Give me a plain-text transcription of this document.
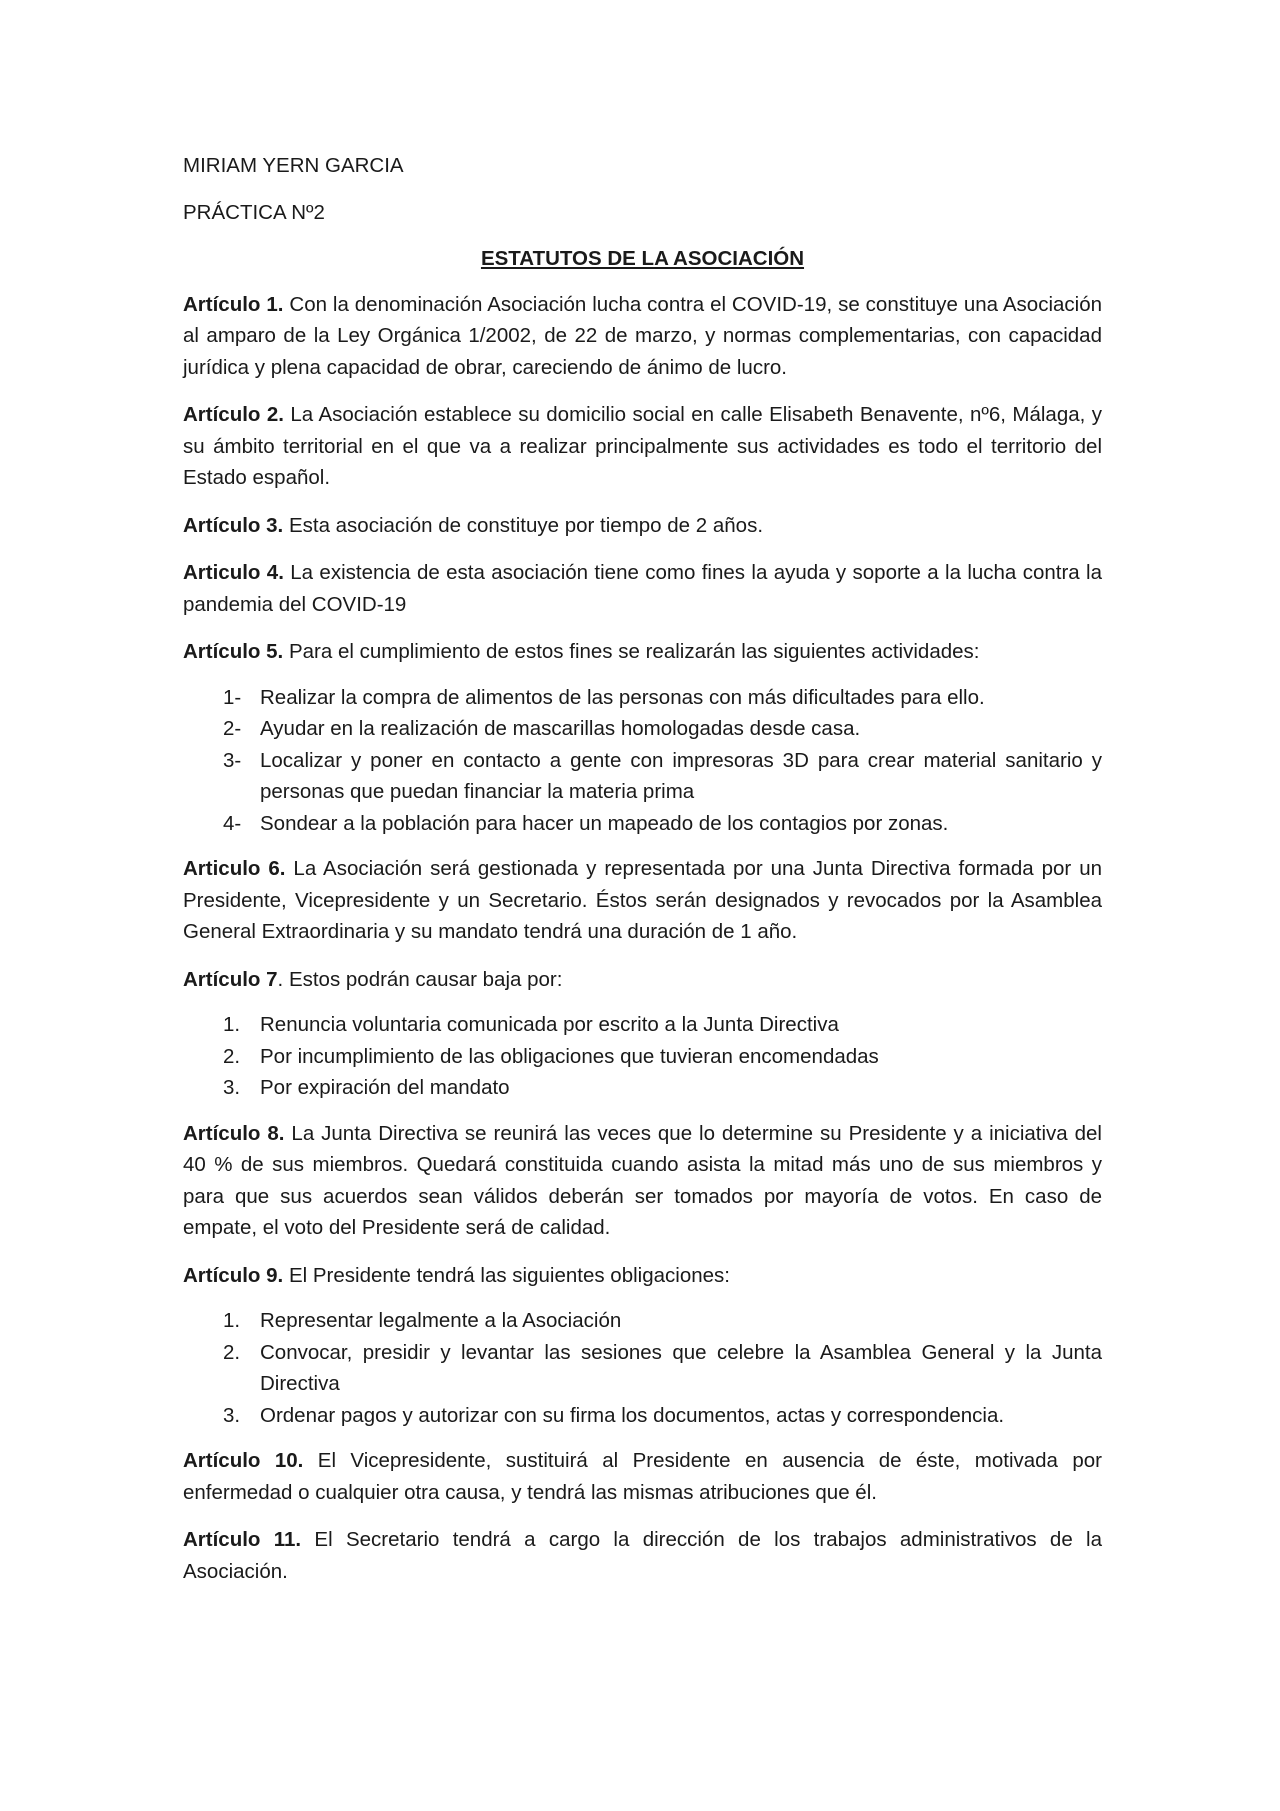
MIRIAM YERN GARCIA

PRÁCTICA Nº2

ESTATUTOS DE LA ASOCIACIÓN

Artículo 1. Con la denominación Asociación lucha contra el COVID-19, se constituye una Asociación al amparo de la Ley Orgánica 1/2002, de 22 de marzo, y normas complementarias, con capacidad jurídica y plena capacidad de obrar, careciendo de ánimo de lucro.

Artículo 2. La Asociación establece su domicilio social en calle Elisabeth Benavente, nº6, Málaga, y su ámbito territorial en el que va a realizar principalmente sus actividades es todo el territorio del Estado español.

Artículo 3. Esta asociación de constituye por tiempo de 2 años.

Articulo 4. La existencia de esta asociación tiene como fines la ayuda y soporte a la lucha contra la pandemia del COVID-19

Artículo 5. Para el cumplimiento de estos fines se realizarán las siguientes actividades:

1- Realizar la compra de alimentos de las personas con más dificultades para ello.
2- Ayudar en la realización de mascarillas homologadas desde casa.
3- Localizar y poner en contacto a gente con impresoras 3D para crear material sanitario y personas que puedan financiar la materia prima
4- Sondear a la población para hacer un mapeado de los contagios por zonas.

Articulo 6. La Asociación será gestionada y representada por una Junta Directiva formada por un Presidente, Vicepresidente y un Secretario. Éstos serán designados y revocados por la Asamblea General Extraordinaria y su mandato tendrá una duración de 1 año.

Artículo 7. Estos podrán causar baja por:

1. Renuncia voluntaria comunicada por escrito a la Junta Directiva
2. Por incumplimiento de las obligaciones que tuvieran encomendadas
3. Por expiración del mandato

Artículo 8. La Junta Directiva se reunirá las veces que lo determine su Presidente y a iniciativa del 40 % de sus miembros. Quedará constituida cuando asista la mitad más uno de sus miembros y para que sus acuerdos sean válidos deberán ser tomados por mayoría de votos. En caso de empate, el voto del Presidente será de calidad.

Artículo 9. El Presidente tendrá las siguientes obligaciones:

1. Representar legalmente a la Asociación
2. Convocar, presidir y levantar las sesiones que celebre la Asamblea General y la Junta Directiva
3. Ordenar pagos y autorizar con su firma los documentos, actas y correspondencia.

Artículo 10. El Vicepresidente, sustituirá al Presidente en ausencia de éste, motivada por enfermedad o cualquier otra causa, y tendrá las mismas atribuciones que él.

Artículo 11. El Secretario tendrá a cargo la dirección de los trabajos administrativos de la Asociación.
